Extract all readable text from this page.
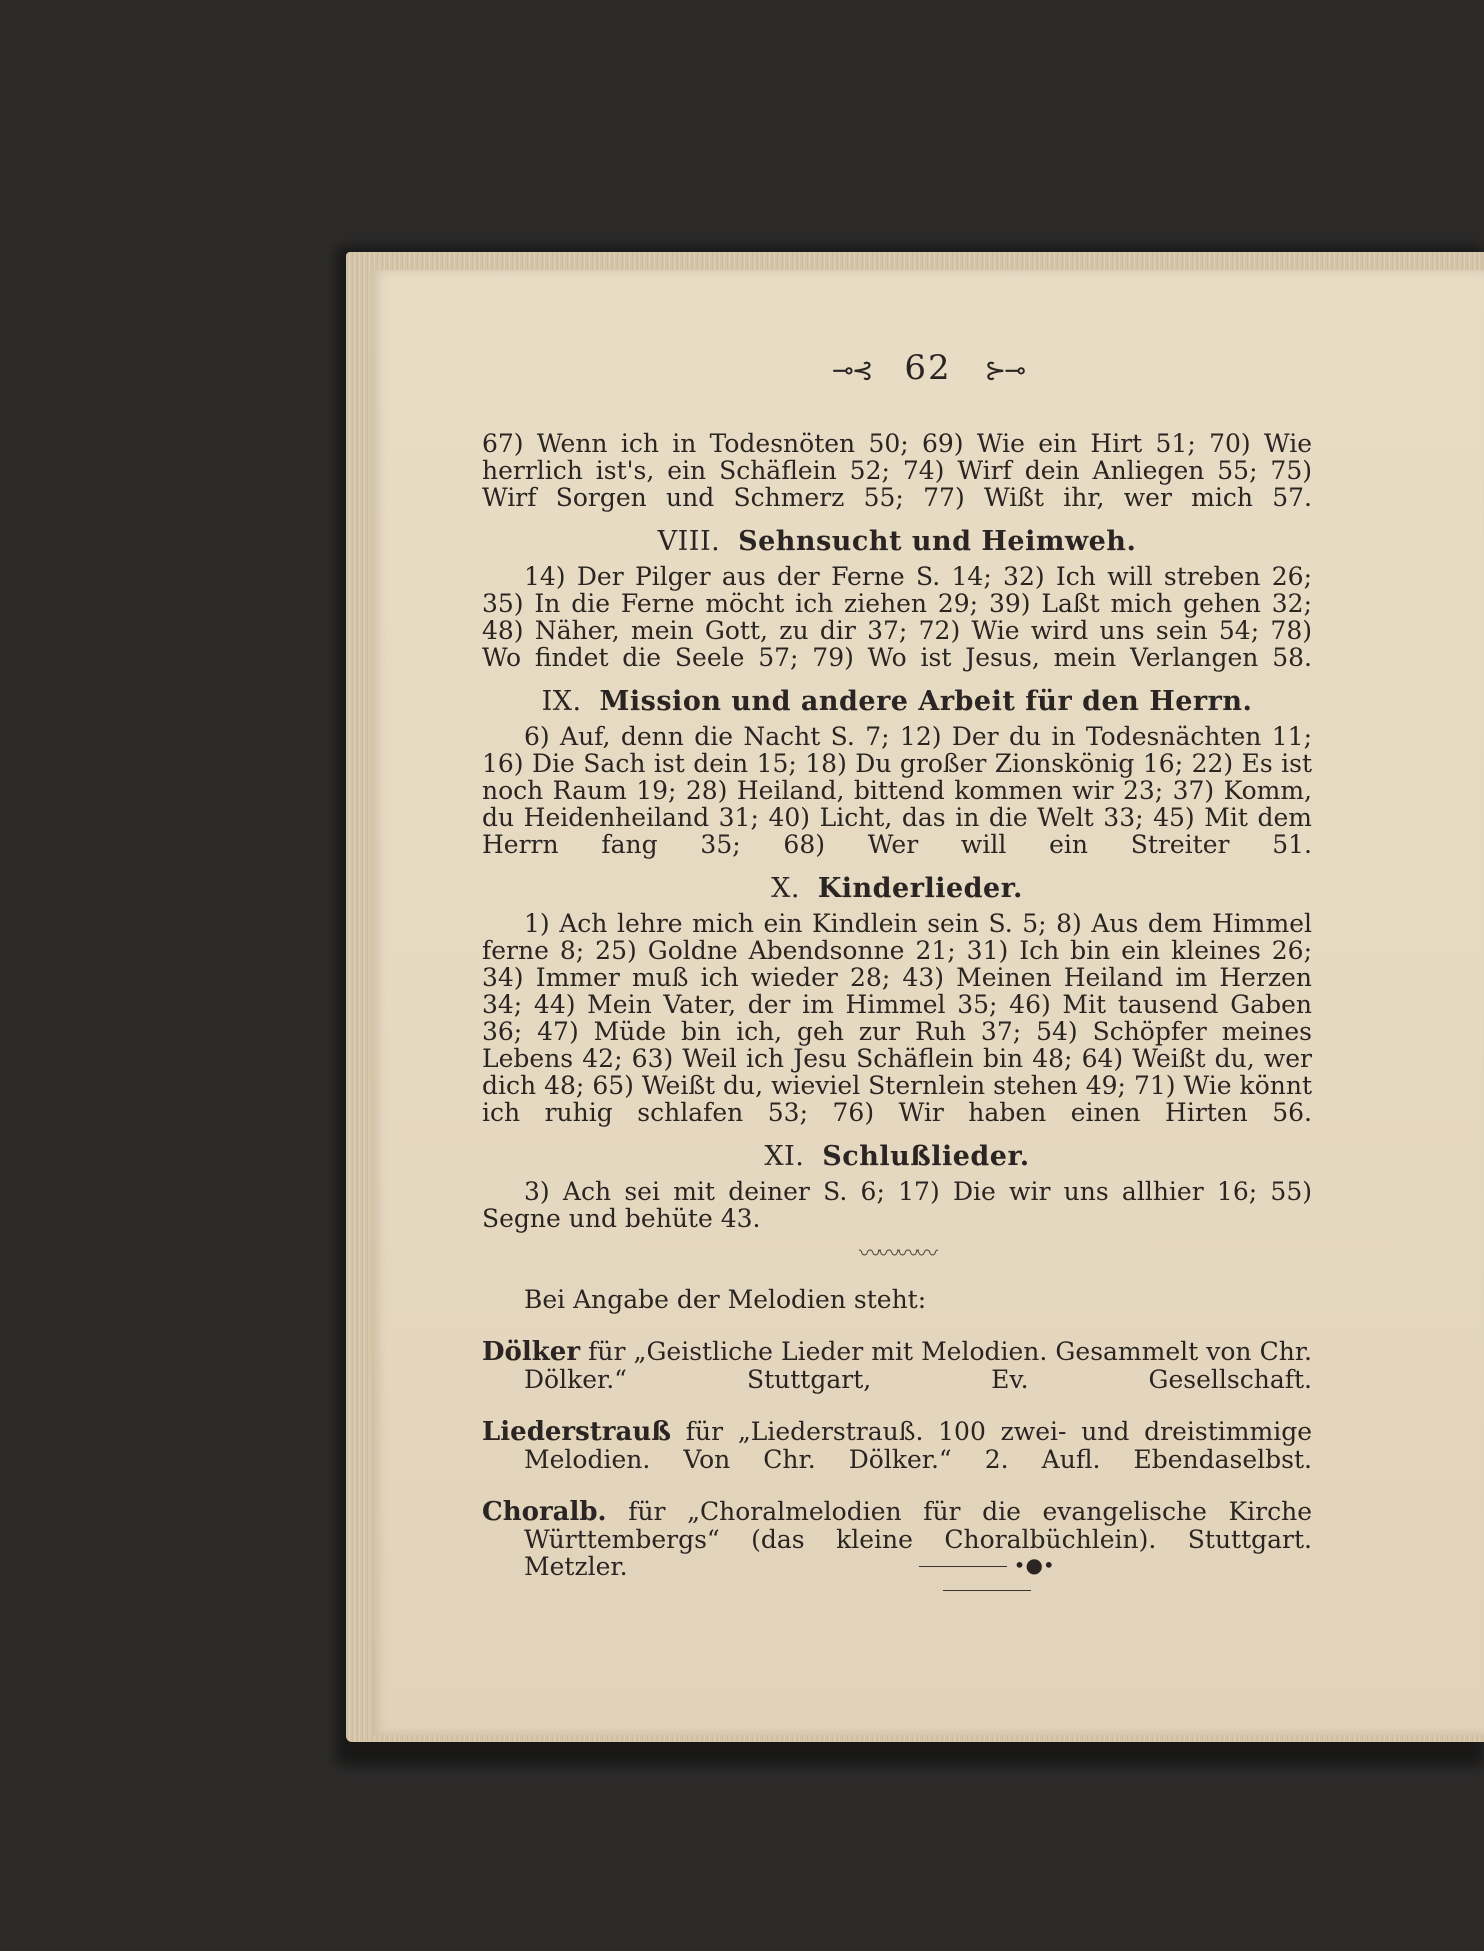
⊸⊰ 62 ⊱⊸

67) Wenn ich in Todesnöten 50; 69) Wie ein Hirt 51; 70) Wie herrlich ist's, ein Schäflein 52; 74) Wirf dein Anliegen 55; 75) Wirf Sorgen und Schmerz 55; 77) Wißt ihr, wer mich 57.

VIII. Sehnsucht und Heimweh.

14) Der Pilger aus der Ferne S. 14; 32) Ich will streben 26; 35) In die Ferne möcht ich ziehen 29; 39) Laßt mich gehen 32; 48) Näher, mein Gott, zu dir 37; 72) Wie wird uns sein 54; 78) Wo findet die Seele 57; 79) Wo ist Jesus, mein Verlangen 58.

IX. Mission und andere Arbeit für den Herrn.

6) Auf, denn die Nacht S. 7; 12) Der du in Todesnächten 11; 16) Die Sach ist dein 15; 18) Du großer Zionskönig 16; 22) Es ist noch Raum 19; 28) Heiland, bittend kommen wir 23; 37) Komm, du Heidenheiland 31; 40) Licht, das in die Welt 33; 45) Mit dem Herrn fang 35; 68) Wer will ein Streiter 51.

X. Kinderlieder.

1) Ach lehre mich ein Kindlein sein S. 5; 8) Aus dem Himmel ferne 8; 25) Goldne Abendsonne 21; 31) Ich bin ein kleines 26; 34) Immer muß ich wieder 28; 43) Meinen Heiland im Herzen 34; 44) Mein Vater, der im Himmel 35; 46) Mit tausend Gaben 36; 47) Müde bin ich, geh zur Ruh 37; 54) Schöpfer meines Lebens 42; 63) Weil ich Jesu Schäflein bin 48; 64) Weißt du, wer dich 48; 65) Weißt du, wieviel Sternlein stehen 49; 71) Wie könnt ich ruhig schlafen 53; 76) Wir haben einen Hirten 56.

XI. Schlußlieder.

3) Ach sei mit deiner S. 6; 17) Die wir uns allhier 16; 55) Segne und behüte 43.

〰〰〰〰

Bei Angabe der Melodien steht:

Dölker für „Geistliche Lieder mit Melodien. Gesammelt von Chr. Dölker.“ Stuttgart, Ev. Gesellschaft.

Liederstrauß für „Liederstrauß. 100 zwei- und dreistimmige Melodien. Von Chr. Dölker.“ 2. Aufl. Ebendaselbst.

Choralb. für „Choralmelodien für die evangelische Kirche Württembergs“ (das kleine Choralbüchlein). Stuttgart. Metzler.	•●•
